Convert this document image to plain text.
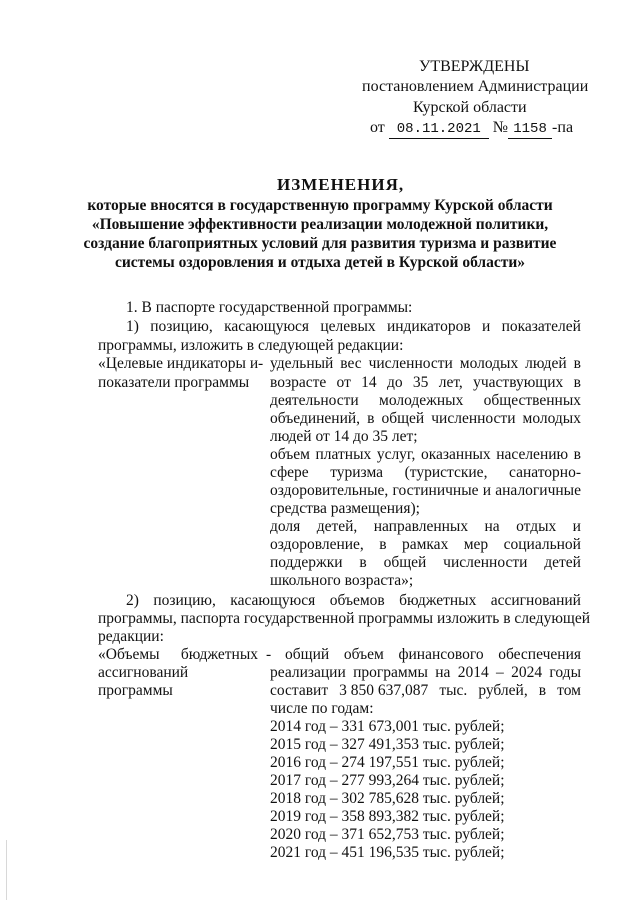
УТВЕРЖДЕНЫ
постановлением Администрации
Курской области
от 08.11.2021 № 1158 -па
ИЗМЕНЕНИЯ,
которые вносятся в государственную программу Курской области
«Повышение эффективности реализации молодежной политики,
создание благоприятных условий для развития туризма и развитие
системы оздоровления и отдыха детей в Курской области»
1. В паспорте государственной программы:
1) позицию, касающуюся целевых индикаторов и показателей
программы, изложить в следующей редакции:
«Целевые индикаторы и
показатели программы
- удельный вес численности молодых людей в
возрасте от 14 до 35 лет, участвующих в
деятельности молодежных общественных
объединений, в общей численности молодых
людей от 14 до 35 лет;
объем платных услуг, оказанных населению в
сфере туризма (туристские, санаторно-
оздоровительные, гостиничные и аналогичные
средства размещения);
доля детей, направленных на отдых и
оздоровление, в рамках мер социальной
поддержки в общей численности детей
школьного возраста»;
2) позицию, касающуюся объемов бюджетных ассигнований
программы, паспорта государственной программы изложить в следующей
редакции:
«Объемы бюджетных
ассигнований
программы
- общий объем финансового обеспечения
реализации программы на 2014 – 2024 годы
составит 3 850 637,087 тыс. рублей, в том
числе по годам:
2014 год – 331 673,001 тыс. рублей;
2015 год – 327 491,353 тыс. рублей;
2016 год – 274 197,551 тыс. рублей;
2017 год – 277 993,264 тыс. рублей;
2018 год – 302 785,628 тыс. рублей;
2019 год – 358 893,382 тыс. рублей;
2020 год – 371 652,753 тыс. рублей;
2021 год – 451 196,535 тыс. рублей;
